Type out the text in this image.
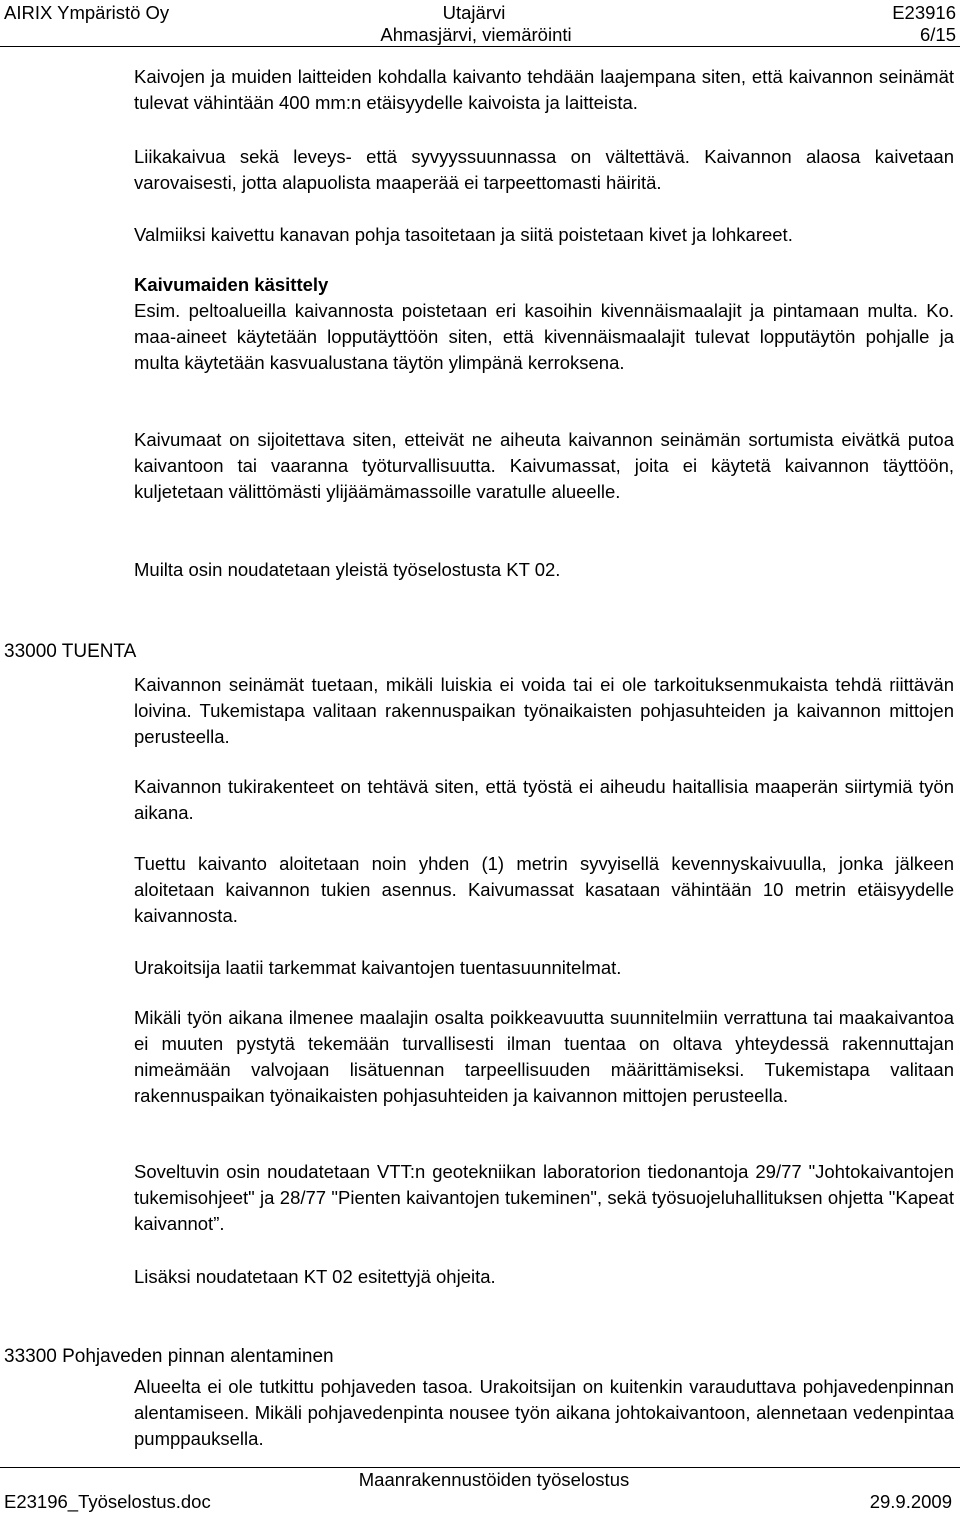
AIRIX Ympäristö Oy	Utajärvi
Ahmasjärvi, viemäröinti
E23916
6/15

Kaivojen ja muiden laitteiden kohdalla kaivanto tehdään laajempana siten, että kaivannon seinämät tulevat vähintään 400 mm:n etäisyydelle kaivoista ja laitteista.

Liikakaivua sekä leveys- että syvyyssuunnassa on vältettävä. Kaivannon alaosa kaivetaan varovaisesti, jotta alapuolista maaperää ei tarpeettomasti häiritä.

Valmiiksi kaivettu kanavan pohja tasoitetaan ja siitä poistetaan kivet ja lohkareet.

Kaivumaiden käsittely

Esim. peltoalueilla kaivannosta poistetaan eri kasoihin kivennäismaalajit ja pintamaan multa. Ko. maa-aineet käytetään lopputäyttöön siten, että kivennäismaalajit tulevat lopputäytön pohjalle ja multa käytetään kasvualustana täytön ylimpänä kerroksena.

Kaivumaat on sijoitettava siten, etteivät ne aiheuta kaivannon seinämän sortumista eivätkä putoa kaivantoon tai vaaranna työturvallisuutta. Kaivumassat, joita ei käytetä kaivannon täyttöön, kuljetetaan välittömästi ylijäämämassoille varatulle alueelle.

Muilta osin noudatetaan yleistä työselostusta KT 02.

33000 TUENTA

Kaivannon seinämät tuetaan, mikäli luiskia ei voida tai ei ole tarkoituksenmukaista tehdä riittävän loivina. Tukemistapa valitaan rakennuspaikan työnaikaisten pohjasuhteiden ja kaivannon mittojen perusteella.

Kaivannon tukirakenteet on tehtävä siten, että työstä ei aiheudu haitallisia maaperän siirtymiä työn aikana.

Tuettu kaivanto aloitetaan noin yhden (1) metrin syvyisellä kevennyskaivuulla, jonka jälkeen aloitetaan kaivannon tukien asennus. Kaivumassat kasataan vähintään 10 metrin etäisyydelle kaivannosta.

Urakoitsija laatii tarkemmat kaivantojen tuentasuunnitelmat.

Mikäli työn aikana ilmenee maalajin osalta poikkeavuutta suunnitelmiin verrattuna tai maakaivantoa ei muuten pystytä tekemään turvallisesti ilman tuentaa on oltava yhteydessä rakennuttajan nimeämään valvojaan lisätuennan tarpeellisuuden määrittämiseksi. Tukemistapa valitaan rakennuspaikan työnaikaisten pohjasuhteiden ja kaivannon mittojen perusteella.

Soveltuvin osin noudatetaan VTT:n geotekniikan laboratorion tiedonantoja 29/77 "Johtokaivantojen tukemisohjeet" ja 28/77 "Pienten kaivantojen tukeminen", sekä työsuojeluhallituksen ohjetta "Kapeat kaivannot”.

Lisäksi noudatetaan KT 02 esitettyjä ohjeita.

33300 Pohjaveden pinnan alentaminen

Alueelta ei ole tutkittu pohjaveden tasoa. Urakoitsijan on kuitenkin varauduttava pohjavedenpinnan alentamiseen. Mikäli pohjavedenpinta nousee työn aikana johtokaivantoon, alennetaan vedenpintaa pumppauksella.

Maanrakennustöiden työselostus
E23196_Työselostus.doc	29.9.2009
